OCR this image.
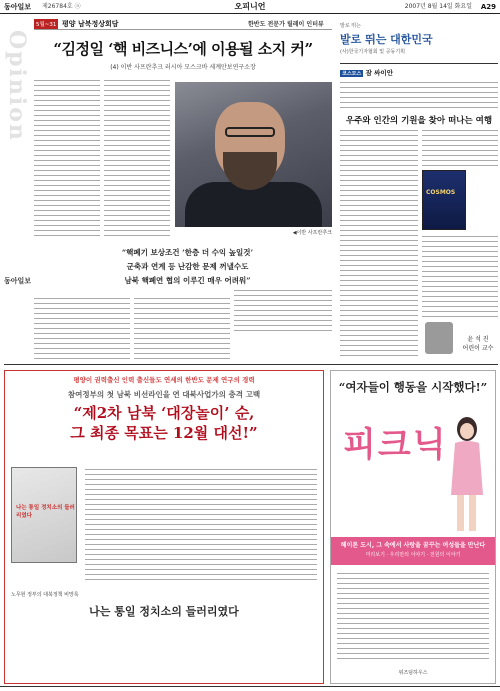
동아일보 제26784호 ⓐ	오피니언	2007년 8월 14일 화요일 A29
Opinion
동아일보
5월~31 평양 남북정상회담	한반도 전문가 릴레이 인터뷰
“김정일 ‘핵 비즈니스’에 이용될 소지 커”
(4) 이반 사프란추크 러시아 모스크바 세계안보연구소장
◀이반 사프란추크
“핵폐기 보상조건 ‘한층 더 수익 높일것’
군축과 연계 등 난감한 문제 꺼낼수도
남북 핵폐연 협의 이루긴 매우 어려워”
발로 뛰는
발로 뛰는 대한민국
(사)한국기자협회 및 공동기획
코스모스 잠 싸이안
우주와 인간의 기원을 찾아 떠나는 여행
COSMOS
윤 석 진
어린이 교수
평양이 권력출신 인력 출신들도 연세의 한반도 문제 연구의 경력
참여정부의 첫 남북 비선라인을 연 대북사업가의 충격 고백
“제2차 남북 ‘대장놀이’ 순,
그 최종 목표는 12월 대선!”
나는 통일 정치소의 들러리였다
노무현 정부의 대북정책 비망록
나는 통일 정치소의 들러리였다
“여자들이 행동을 시작했다!”
피크닉
헤이톤 도시, 그 속에서 사랑을 꿈꾸는 여성들을 만난다
미리보기 · 우리만의 이야기 · 전원의 이야기
위즈덤하우스
